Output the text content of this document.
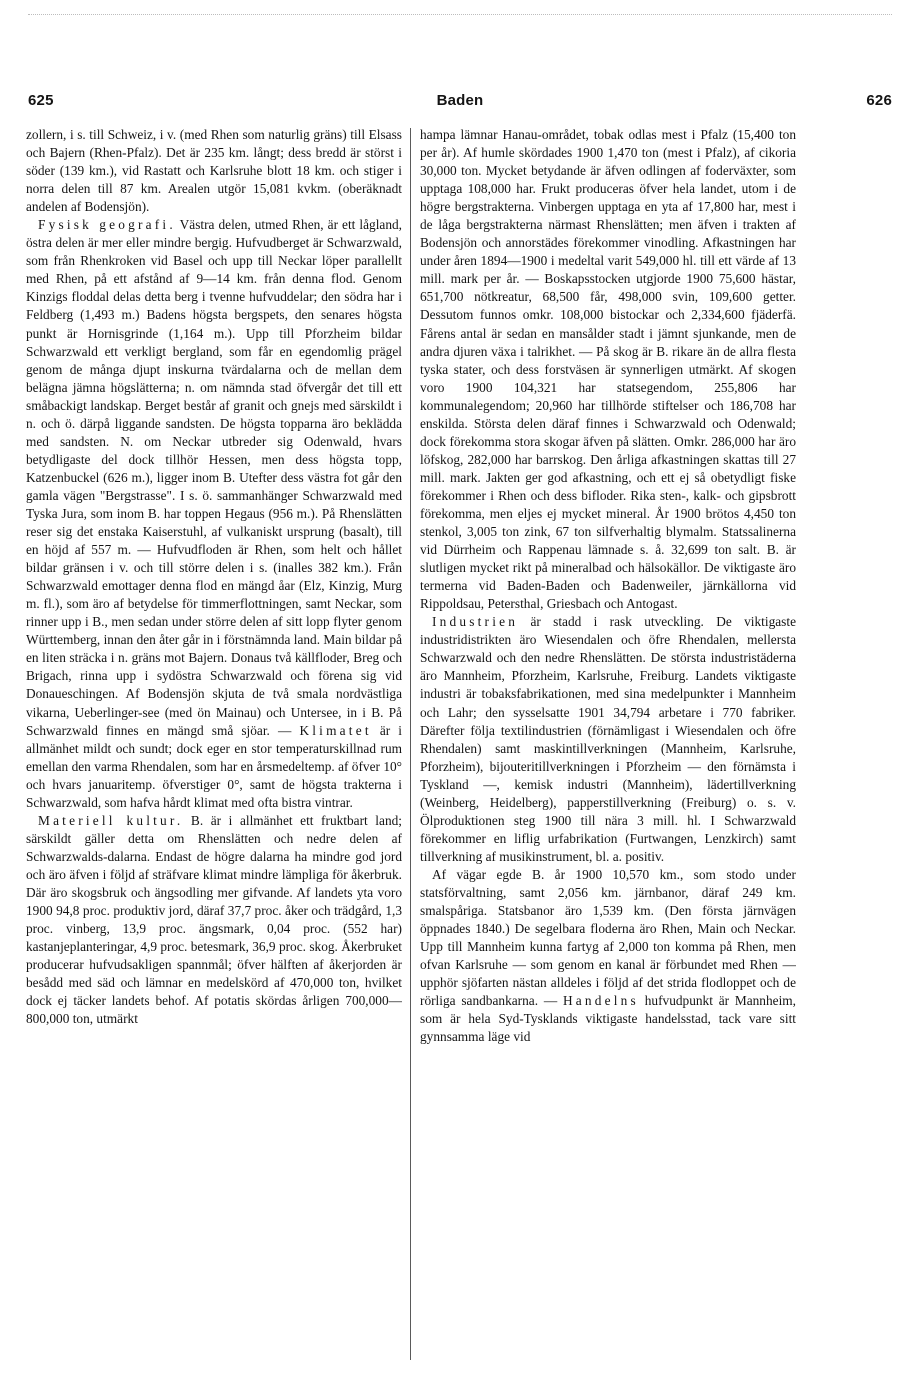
625	Baden	626

zollern, i s. till Schweiz, i v. (med Rhen som naturlig gräns) till Elsass och Bajern (Rhen-Pfalz). Det är 235 km. långt; dess bredd är störst i söder (139 km.), vid Rastatt och Karlsruhe blott 18 km. och stiger i norra delen till 87 km. Arealen utgör 15,081 kvkm. (oberäknadt andelen af Bodensjön).

Fysisk geografi. Västra delen, utmed Rhen, är ett lågland, östra delen är mer eller mindre bergig. Hufvudberget är Schwarzwald, som från Rhenkroken vid Basel och upp till Neckar löper parallellt med Rhen, på ett afstånd af 9—14 km. från denna flod. Genom Kinzigs floddal delas detta berg i tvenne hufvuddelar; den södra har i Feldberg (1,493 m.) Badens högsta bergspets, den senares högsta punkt är Hornisgrinde (1,164 m.). Upp till Pforzheim bildar Schwarzwald ett verkligt bergland, som får en egendomlig prägel genom de många djupt inskurna tvärdalarna och de mellan dem belägna jämna högslätterna; n. om nämnda stad öfvergår det till ett småbackigt landskap. Berget består af granit och gnejs med särskildt i n. och ö. därpå liggande sandsten. De högsta topparna äro beklädda med sandsten. N. om Neckar utbreder sig Odenwald, hvars betydligaste del dock tillhör Hessen, men dess högsta topp, Katzenbuckel (626 m.), ligger inom B. Utefter dess västra fot går den gamla vägen "Bergstrasse". I s. ö. sammanhänger Schwarzwald med Tyska Jura, som inom B. har toppen Hegaus (956 m.). På Rhenslätten reser sig det enstaka Kaiserstuhl, af vulkaniskt ursprung (basalt), till en höjd af 557 m. — Hufvudfloden är Rhen, som helt och hållet bildar gränsen i v. och till större delen i s. (inalles 382 km.). Från Schwarzwald emottager denna flod en mängd åar (Elz, Kinzig, Murg m. fl.), som äro af betydelse för timmerflottningen, samt Neckar, som rinner upp i B., men sedan under större delen af sitt lopp flyter genom Württemberg, innan den åter går in i förstnämnda land. Main bildar på en liten sträcka i n. gräns mot Bajern. Donaus två källfloder, Breg och Brigach, rinna upp i sydöstra Schwarzwald och förena sig vid Donaueschingen. Af Bodensjön skjuta de två smala nordvästliga vikarna, Ueberlinger-see (med ön Mainau) och Untersee, in i B. På Schwarzwald finnes en mängd små sjöar. — Klimatet är i allmänhet mildt och sundt; dock eger en stor temperaturskillnad rum emellan den varma Rhendalen, som har en årsmedeltemp. af öfver 10° och hvars januaritemp. öfverstiger 0°, samt de högsta trakterna i Schwarzwald, som hafva hårdt klimat med ofta bistra vintrar.

Materiell kultur. B. är i allmänhet ett fruktbart land; särskildt gäller detta om Rhenslätten och nedre delen af Schwarzwalds-dalarna. Endast de högre dalarna ha mindre god jord och äro äfven i följd af sträfvare klimat mindre lämpliga för åkerbruk. Där äro skogsbruk och ängsodling mer gifvande. Af landets yta voro 1900 94,8 proc. produktiv jord, däraf 37,7 proc. åker och trädgård, 1,3 proc. vinberg, 13,9 proc. ängsmark, 0,04 proc. (552 har) kastanjeplanteringar, 4,9 proc. betesmark, 36,9 proc. skog. Åkerbruket producerar hufvudsakligen spannmål; öfver hälften af åkerjorden är besådd med säd och lämnar en medelskörd af 470,000 ton, hvilket dock ej täcker landets behof. Af potatis skördas årligen 700,000—800,000 ton, utmärkt

hampa lämnar Hanau-området, tobak odlas mest i Pfalz (15,400 ton per år). Af humle skördades 1900 1,470 ton (mest i Pfalz), af cikoria 30,000 ton. Mycket betydande är äfven odlingen af foderväxter, som upptaga 108,000 har. Frukt produceras öfver hela landet, utom i de högre bergstrakterna. Vinbergen upptaga en yta af 17,800 har, mest i de låga bergstrakterna närmast Rhenslätten; men äfven i trakten af Bodensjön och annorstädes förekommer vinodling. Afkastningen har under åren 1894—1900 i medeltal varit 549,000 hl. till ett värde af 13 mill. mark per år. — Boskapsstocken utgjorde 1900 75,600 hästar, 651,700 nötkreatur, 68,500 får, 498,000 svin, 109,600 getter. Dessutom funnos omkr. 108,000 bistockar och 2,334,600 fjäderfä. Fårens antal är sedan en mansålder stadt i jämnt sjunkande, men de andra djuren växa i talrikhet. — På skog är B. rikare än de allra flesta tyska stater, och dess forstväsen är synnerligen utmärkt. Af skogen voro 1900 104,321 har statsegendom, 255,806 har kommunalegendom; 20,960 har tillhörde stiftelser och 186,708 har enskilda. Största delen däraf finnes i Schwarzwald och Odenwald; dock förekomma stora skogar äfven på slätten. Omkr. 286,000 har äro löfskog, 282,000 har barrskog. Den årliga afkastningen skattas till 27 mill. mark. Jakten ger god afkastning, och ett ej så obetydligt fiske förekommer i Rhen och dess bifloder. Rika sten-, kalk- och gipsbrott förekomma, men eljes ej mycket mineral. År 1900 brötos 4,450 ton stenkol, 3,005 ton zink, 67 ton silfverhaltig blymalm. Statssalinerna vid Dürrheim och Rappenau lämnade s. å. 32,699 ton salt. B. är slutligen mycket rikt på mineralbad och hälsokällor. De viktigaste äro termerna vid Baden-Baden och Badenweiler, järnkällorna vid Rippoldsau, Petersthal, Griesbach och Antogast.

Industrien är stadd i rask utveckling. De viktigaste industridistrikten äro Wiesendalen och öfre Rhendalen, mellersta Schwarzwald och den nedre Rhenslätten. De största industristäderna äro Mannheim, Pforzheim, Karlsruhe, Freiburg. Landets viktigaste industri är tobaksfabrikationen, med sina medelpunkter i Mannheim och Lahr; den sysselsatte 1901 34,794 arbetare i 770 fabriker. Därefter följa textilindustrien (förnämligast i Wiesendalen och öfre Rhendalen) samt maskintillverkningen (Mannheim, Karlsruhe, Pforzheim), bijouteritillverkningen i Pforzheim — den förnämsta i Tyskland —, kemisk industri (Mannheim), lädertillverkning (Weinberg, Heidelberg), papperstillverkning (Freiburg) o. s. v. Ölproduktionen steg 1900 till nära 3 mill. hl. I Schwarzwald förekommer en liflig urfabrikation (Furtwangen, Lenzkirch) samt tillverkning af musikinstrument, bl. a. positiv.

Af vägar egde B. år 1900 10,570 km., som stodo under statsförvaltning, samt 2,056 km. järnbanor, däraf 249 km. smalspåriga. Statsbanor äro 1,539 km. (Den första järnvägen öppnades 1840.) De segelbara floderna äro Rhen, Main och Neckar. Upp till Mannheim kunna fartyg af 2,000 ton komma på Rhen, men ofvan Karlsruhe — som genom en kanal är förbundet med Rhen — upphör sjöfarten nästan alldeles i följd af det strida flodloppet och de rörliga sandbankarna. — Handelns hufvudpunkt är Mannheim, som är hela Syd-Tysklands viktigaste handelsstad, tack vare sitt gynnsamma läge vid
